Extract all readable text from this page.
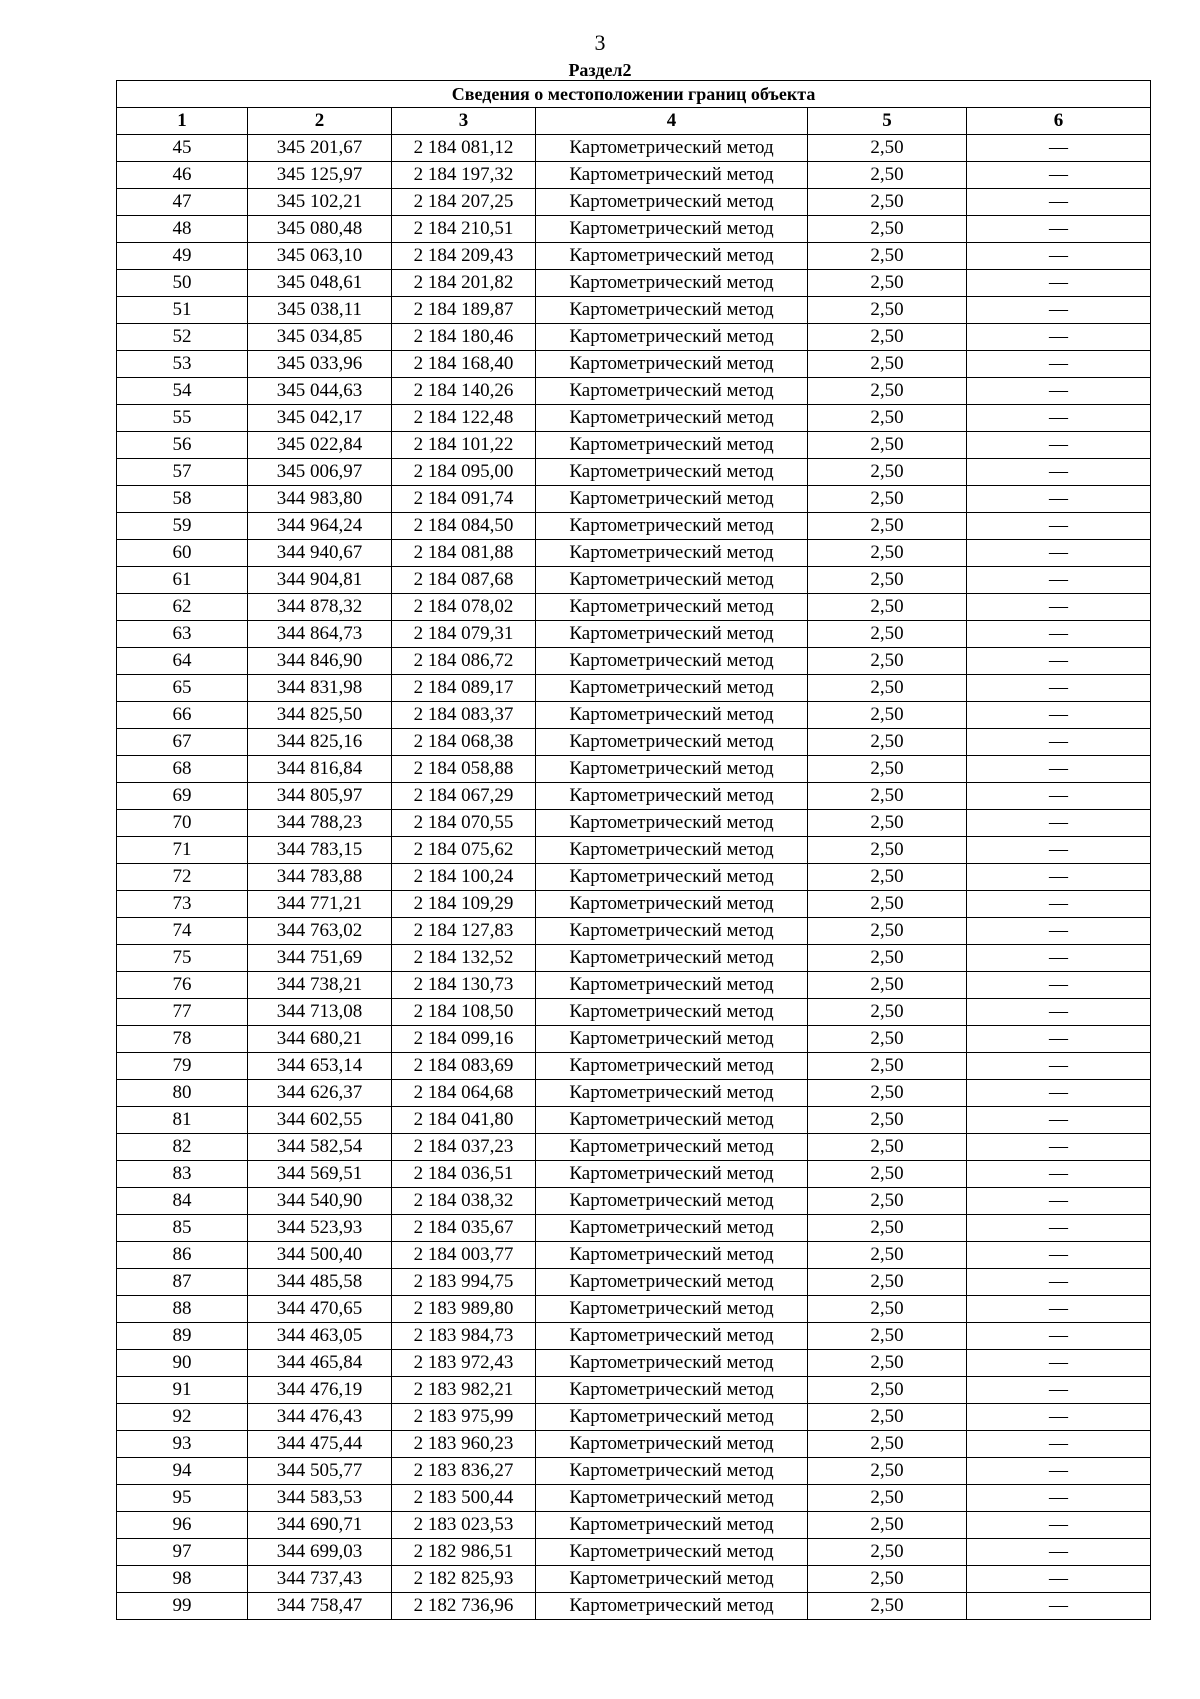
3
Раздел2
Сведения о местоположении границ объекта					
1	2	3	4	5	6
45	345 201,67	2 184 081,12	Картометрический метод	2,50	—
46	345 125,97	2 184 197,32	Картометрический метод	2,50	—
47	345 102,21	2 184 207,25	Картометрический метод	2,50	—
48	345 080,48	2 184 210,51	Картометрический метод	2,50	—
49	345 063,10	2 184 209,43	Картометрический метод	2,50	—
50	345 048,61	2 184 201,82	Картометрический метод	2,50	—
51	345 038,11	2 184 189,87	Картометрический метод	2,50	—
52	345 034,85	2 184 180,46	Картометрический метод	2,50	—
53	345 033,96	2 184 168,40	Картометрический метод	2,50	—
54	345 044,63	2 184 140,26	Картометрический метод	2,50	—
55	345 042,17	2 184 122,48	Картометрический метод	2,50	—
56	345 022,84	2 184 101,22	Картометрический метод	2,50	—
57	345 006,97	2 184 095,00	Картометрический метод	2,50	—
58	344 983,80	2 184 091,74	Картометрический метод	2,50	—
59	344 964,24	2 184 084,50	Картометрический метод	2,50	—
60	344 940,67	2 184 081,88	Картометрический метод	2,50	—
61	344 904,81	2 184 087,68	Картометрический метод	2,50	—
62	344 878,32	2 184 078,02	Картометрический метод	2,50	—
63	344 864,73	2 184 079,31	Картометрический метод	2,50	—
64	344 846,90	2 184 086,72	Картометрический метод	2,50	—
65	344 831,98	2 184 089,17	Картометрический метод	2,50	—
66	344 825,50	2 184 083,37	Картометрический метод	2,50	—
67	344 825,16	2 184 068,38	Картометрический метод	2,50	—
68	344 816,84	2 184 058,88	Картометрический метод	2,50	—
69	344 805,97	2 184 067,29	Картометрический метод	2,50	—
70	344 788,23	2 184 070,55	Картометрический метод	2,50	—
71	344 783,15	2 184 075,62	Картометрический метод	2,50	—
72	344 783,88	2 184 100,24	Картометрический метод	2,50	—
73	344 771,21	2 184 109,29	Картометрический метод	2,50	—
74	344 763,02	2 184 127,83	Картометрический метод	2,50	—
75	344 751,69	2 184 132,52	Картометрический метод	2,50	—
76	344 738,21	2 184 130,73	Картометрический метод	2,50	—
77	344 713,08	2 184 108,50	Картометрический метод	2,50	—
78	344 680,21	2 184 099,16	Картометрический метод	2,50	—
79	344 653,14	2 184 083,69	Картометрический метод	2,50	—
80	344 626,37	2 184 064,68	Картометрический метод	2,50	—
81	344 602,55	2 184 041,80	Картометрический метод	2,50	—
82	344 582,54	2 184 037,23	Картометрический метод	2,50	—
83	344 569,51	2 184 036,51	Картометрический метод	2,50	—
84	344 540,90	2 184 038,32	Картометрический метод	2,50	—
85	344 523,93	2 184 035,67	Картометрический метод	2,50	—
86	344 500,40	2 184 003,77	Картометрический метод	2,50	—
87	344 485,58	2 183 994,75	Картометрический метод	2,50	—
88	344 470,65	2 183 989,80	Картометрический метод	2,50	—
89	344 463,05	2 183 984,73	Картометрический метод	2,50	—
90	344 465,84	2 183 972,43	Картометрический метод	2,50	—
91	344 476,19	2 183 982,21	Картометрический метод	2,50	—
92	344 476,43	2 183 975,99	Картометрический метод	2,50	—
93	344 475,44	2 183 960,23	Картометрический метод	2,50	—
94	344 505,77	2 183 836,27	Картометрический метод	2,50	—
95	344 583,53	2 183 500,44	Картометрический метод	2,50	—
96	344 690,71	2 183 023,53	Картометрический метод	2,50	—
97	344 699,03	2 182 986,51	Картометрический метод	2,50	—
98	344 737,43	2 182 825,93	Картометрический метод	2,50	—
99	344 758,47	2 182 736,96	Картометрический метод	2,50	—
